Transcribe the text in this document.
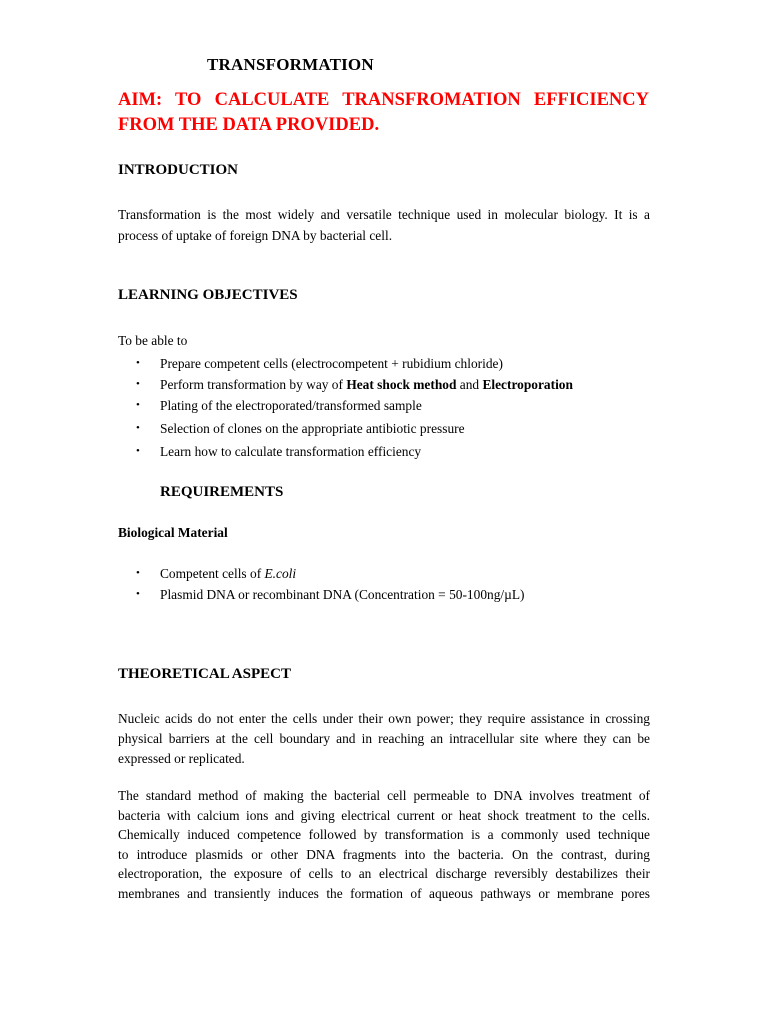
TRANSFORMATION
AIM: TO CALCULATE TRANSFROMATION EFFICIENCY
FROM THE DATA PROVIDED.
INTRODUCTION
Transformation is the most widely and versatile technique used in molecular biology. It is a
process of uptake of foreign DNA by bacterial cell.
LEARNING OBJECTIVES
To be able to
• Prepare competent cells (electrocompetent + rubidium chloride)
• Perform transformation by way of Heat shock method and Electroporation
• Plating of the electroporated/transformed sample
• Selection of clones on the appropriate antibiotic pressure
• Learn how to calculate transformation efficiency
REQUIREMENTS
Biological Material
• Competent cells of E.coli
• Plasmid DNA or recombinant DNA (Concentration = 50-100ng/µL)
THEORETICAL ASPECT
Nucleic acids do not enter the cells under their own power; they require assistance in crossing
physical barriers at the cell boundary and in reaching an intracellular site where they can be
expressed or replicated.
The standard method of making the bacterial cell permeable to DNA involves treatment of
bacteria with calcium ions and giving electrical current or heat shock treatment to the cells.
Chemically induced competence followed by transformation is a commonly used technique
to introduce plasmids or other DNA fragments into the bacteria. On the contrast, during
electroporation, the exposure of cells to an electrical discharge reversibly destabilizes their
membranes and transiently induces the formation of aqueous pathways or membrane pores
